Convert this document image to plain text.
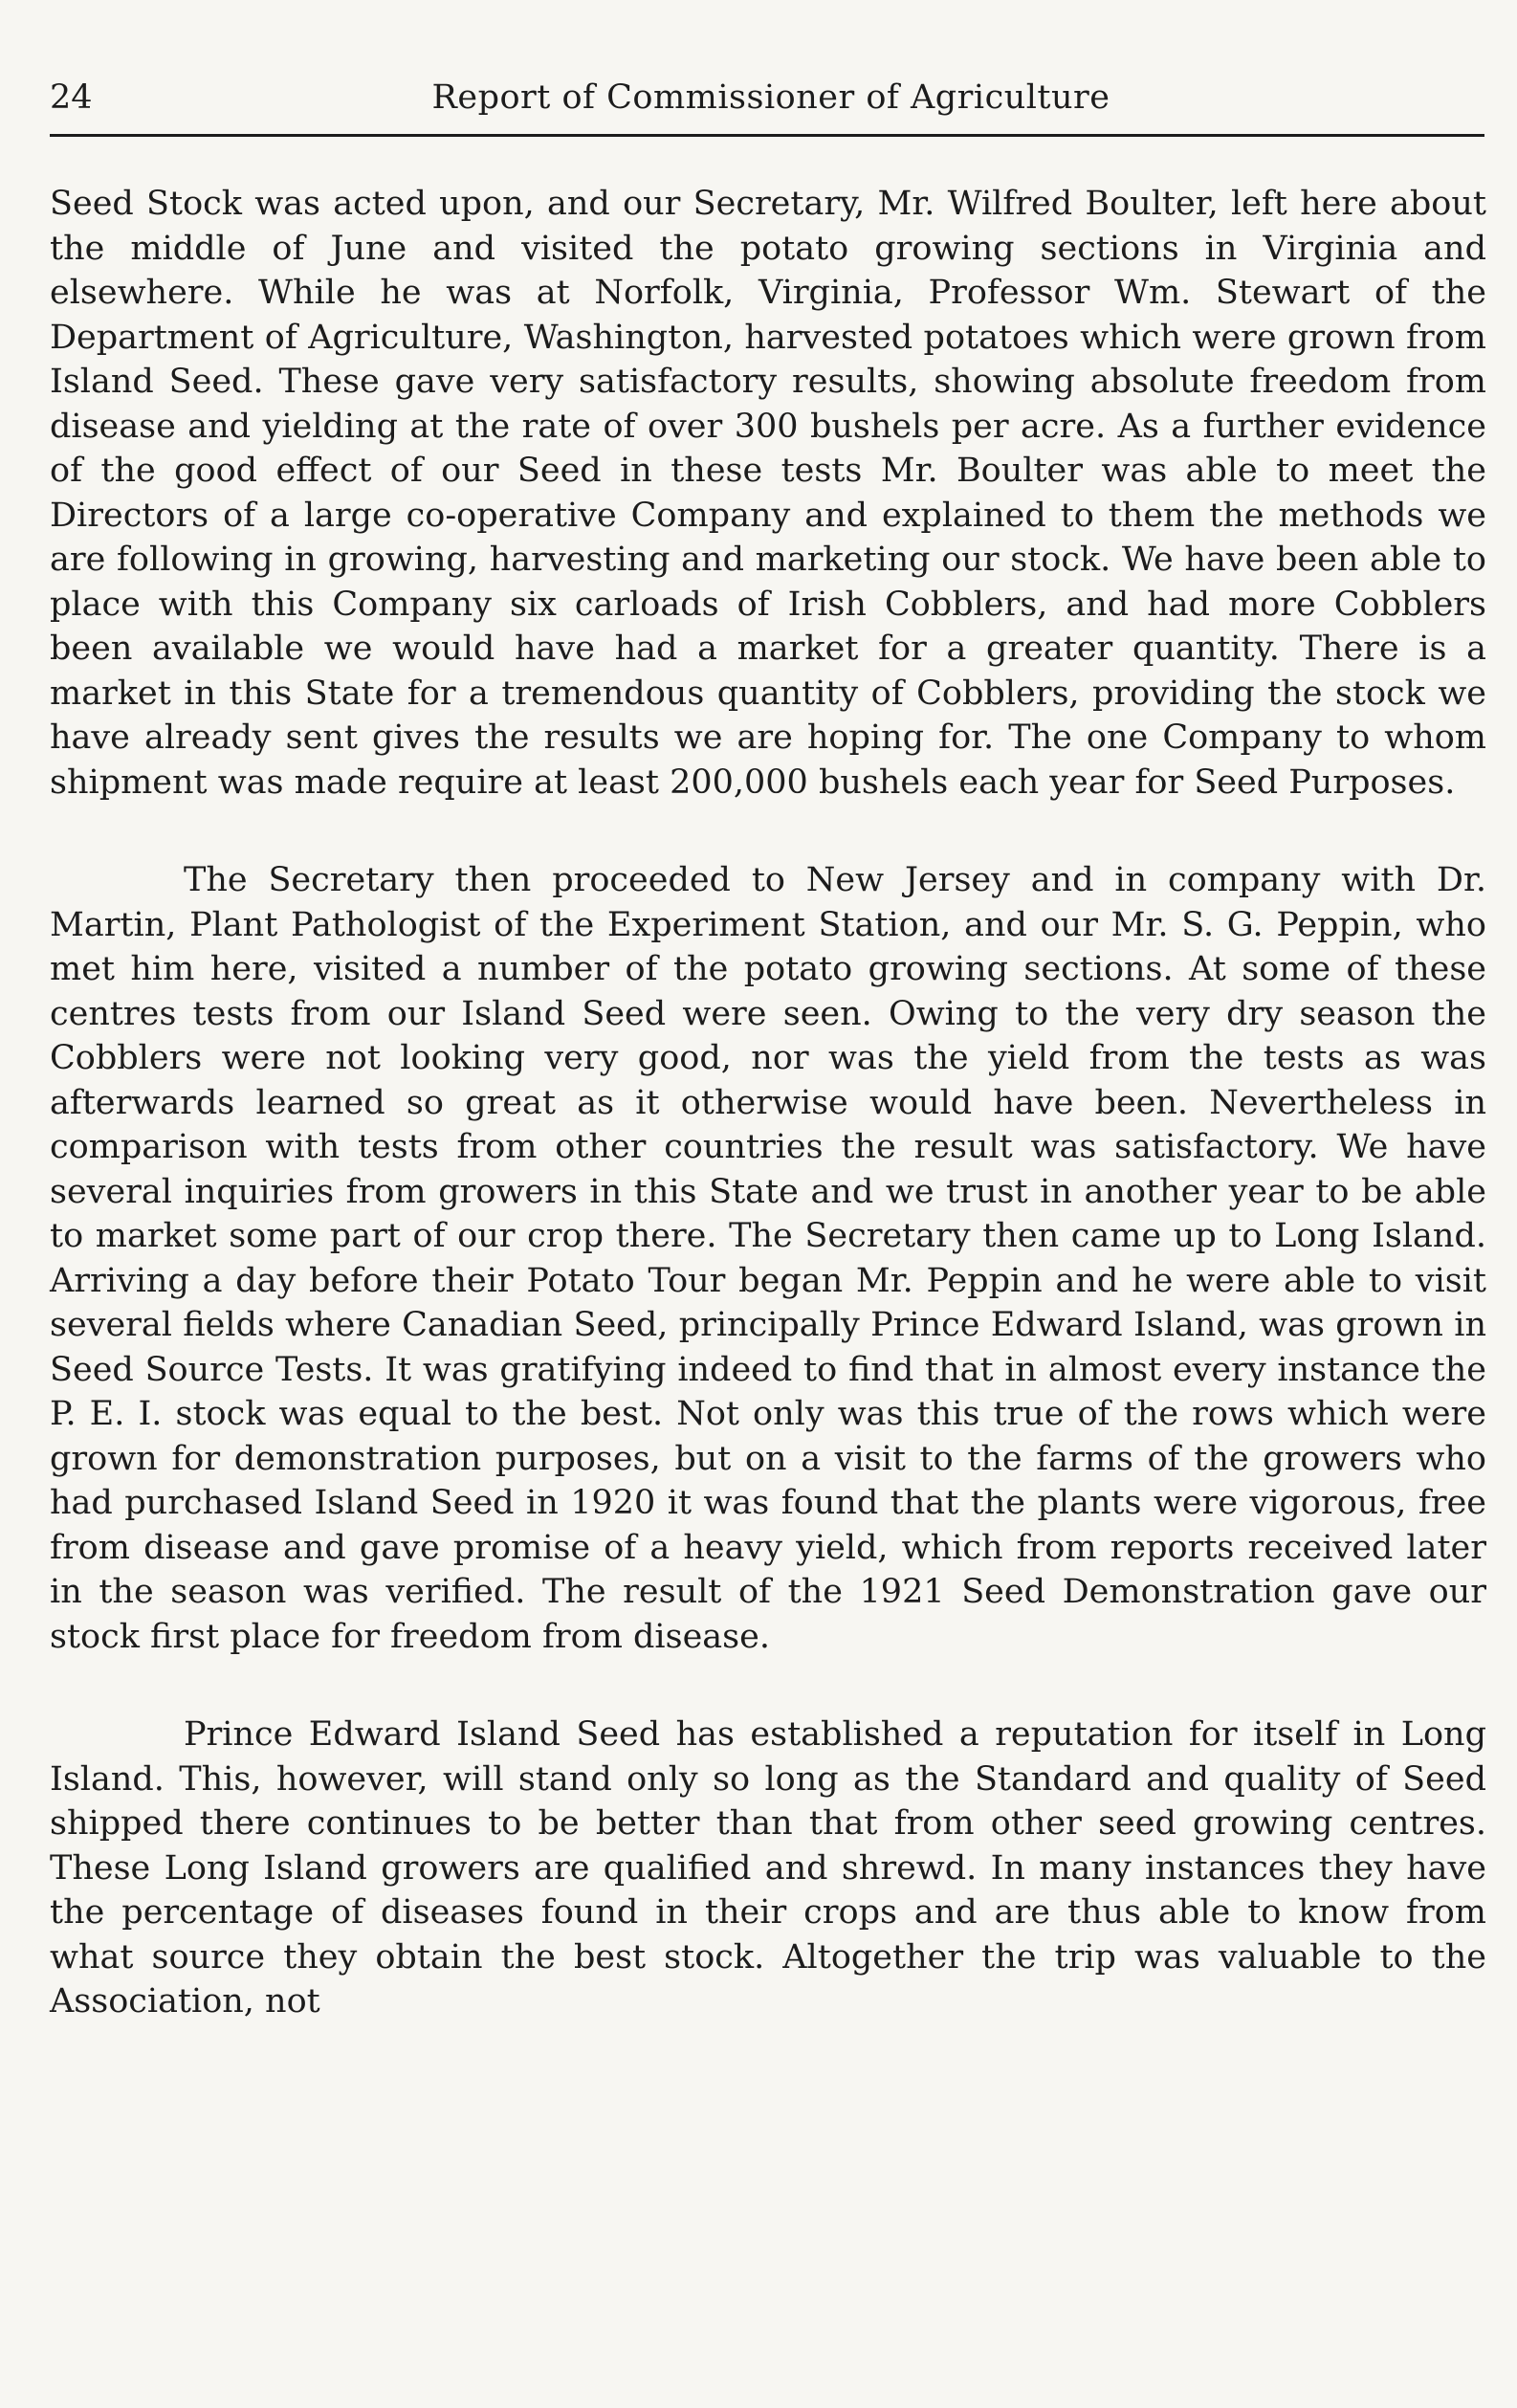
24	Report of Commissioner of Agriculture

Seed Stock was acted upon, and our Secretary, Mr. Wilfred Boulter, left here about the middle of June and visited the potato growing sections in Virginia and elsewhere. While he was at Norfolk, Virginia, Professor Wm. Stewart of the Department of Agriculture, Washington, harvested potatoes which were grown from Island Seed. These gave very satisfactory results, showing absolute freedom from disease and yielding at the rate of over 300 bushels per acre. As a further evidence of the good effect of our Seed in these tests Mr. Boulter was able to meet the Directors of a large co-operative Company and explained to them the methods we are following in growing, harvesting and marketing our stock. We have been able to place with this Company six carloads of Irish Cobblers, and had more Cobblers been available we would have had a market for a greater quantity. There is a market in this State for a tremendous quantity of Cobblers, providing the stock we have already sent gives the results we are hoping for. The one Company to whom shipment was made require at least 200,000 bushels each year for Seed Purposes.

The Secretary then proceeded to New Jersey and in company with Dr. Martin, Plant Pathologist of the Experiment Station, and our Mr. S. G. Peppin, who met him here, visited a number of the potato growing sections. At some of these centres tests from our Island Seed were seen. Owing to the very dry season the Cobblers were not looking very good, nor was the yield from the tests as was afterwards learned so great as it otherwise would have been. Nevertheless in comparison with tests from other countries the result was satisfactory. We have several inquiries from growers in this State and we trust in another year to be able to market some part of our crop there. The Secretary then came up to Long Island. Arriving a day before their Potato Tour began Mr. Peppin and he were able to visit several fields where Canadian Seed, principally Prince Edward Island, was grown in Seed Source Tests. It was gratifying indeed to find that in almost every instance the P. E. I. stock was equal to the best. Not only was this true of the rows which were grown for demonstration purposes, but on a visit to the farms of the growers who had purchased Island Seed in 1920 it was found that the plants were vigorous, free from disease and gave promise of a heavy yield, which from reports received later in the season was verified. The result of the 1921 Seed Demonstration gave our stock first place for freedom from disease.

Prince Edward Island Seed has established a reputation for itself in Long Island. This, however, will stand only so long as the Standard and quality of Seed shipped there continues to be better than that from other seed growing centres. These Long Island growers are qualified and shrewd. In many instances they have the percentage of diseases found in their crops and are thus able to know from what source they obtain the best stock. Altogether the trip was valuable to the Association, not
